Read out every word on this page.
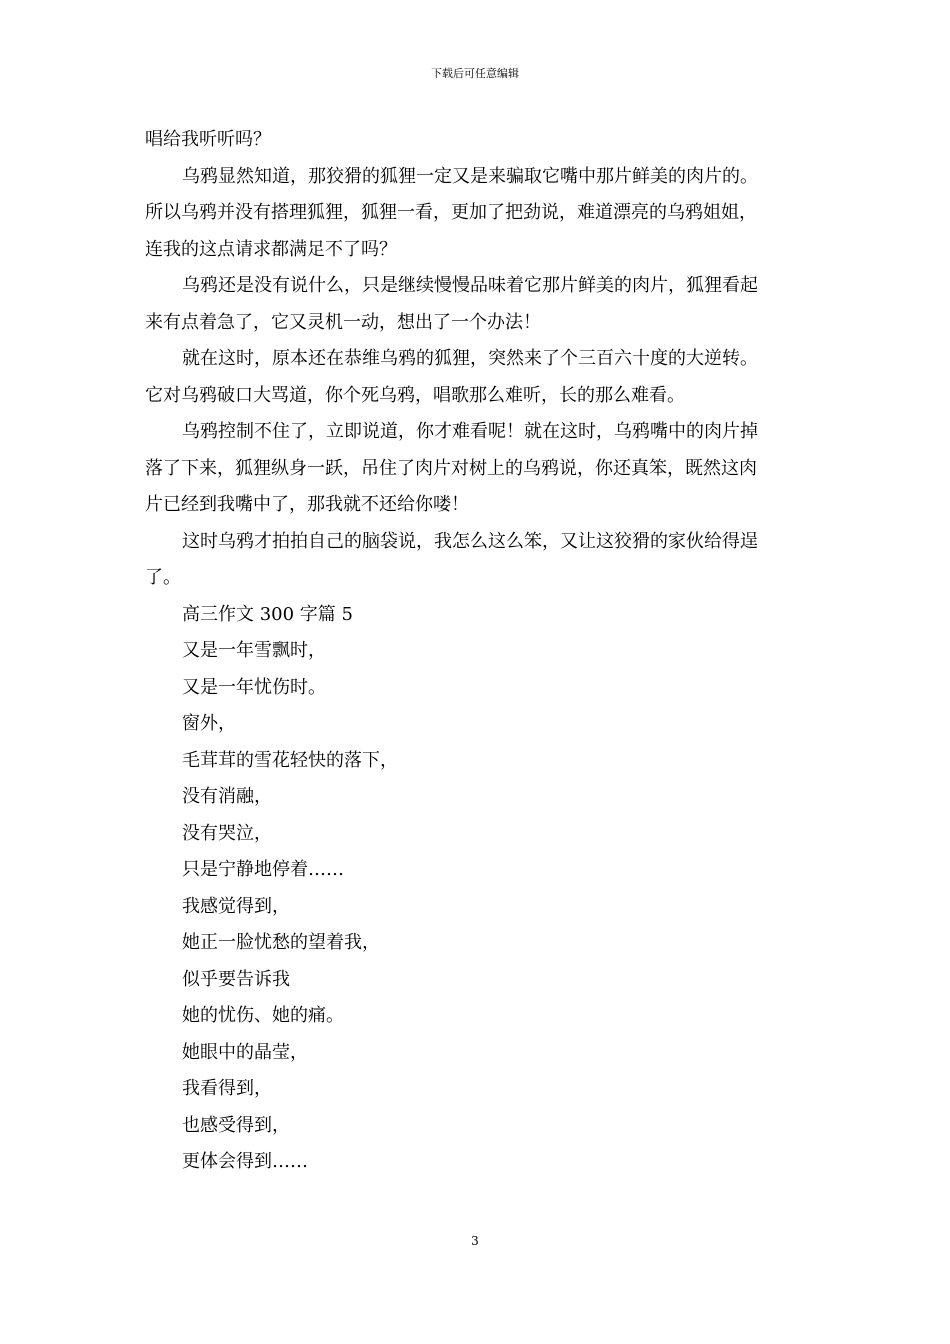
下载后可任意编辑

唱给我听听吗？

乌鸦显然知道，那狡猾的狐狸一定又是来骗取它嘴中那片鲜美的肉片的。

所以乌鸦并没有搭理狐狸，狐狸一看，更加了把劲说，难道漂亮的乌鸦姐姐，

连我的这点请求都满足不了吗？

乌鸦还是没有说什么，只是继续慢慢品味着它那片鲜美的肉片，狐狸看起

来有点着急了，它又灵机一动，想出了一个办法！

就在这时，原本还在恭维乌鸦的狐狸，突然来了个三百六十度的大逆转。

它对乌鸦破口大骂道，你个死乌鸦，唱歌那么难听，长的那么难看。

乌鸦控制不住了，立即说道，你才难看呢！就在这时，乌鸦嘴中的肉片掉

落了下来，狐狸纵身一跃，吊住了肉片对树上的乌鸦说，你还真笨，既然这肉

片已经到我嘴中了，那我就不还给你喽！

这时乌鸦才拍拍自己的脑袋说，我怎么这么笨，又让这狡猾的家伙给得逞

了。

高三作文 300 字篇 5

又是一年雪飘时，

又是一年忧伤时。

窗外，

毛茸茸的雪花轻快的落下，

没有消融，

没有哭泣，

只是宁静地停着……

我感觉得到，

她正一脸忧愁的望着我，

似乎要告诉我

她的忧伤、她的痛。

她眼中的晶莹，

我看得到，

也感受得到，

更体会得到……

3
